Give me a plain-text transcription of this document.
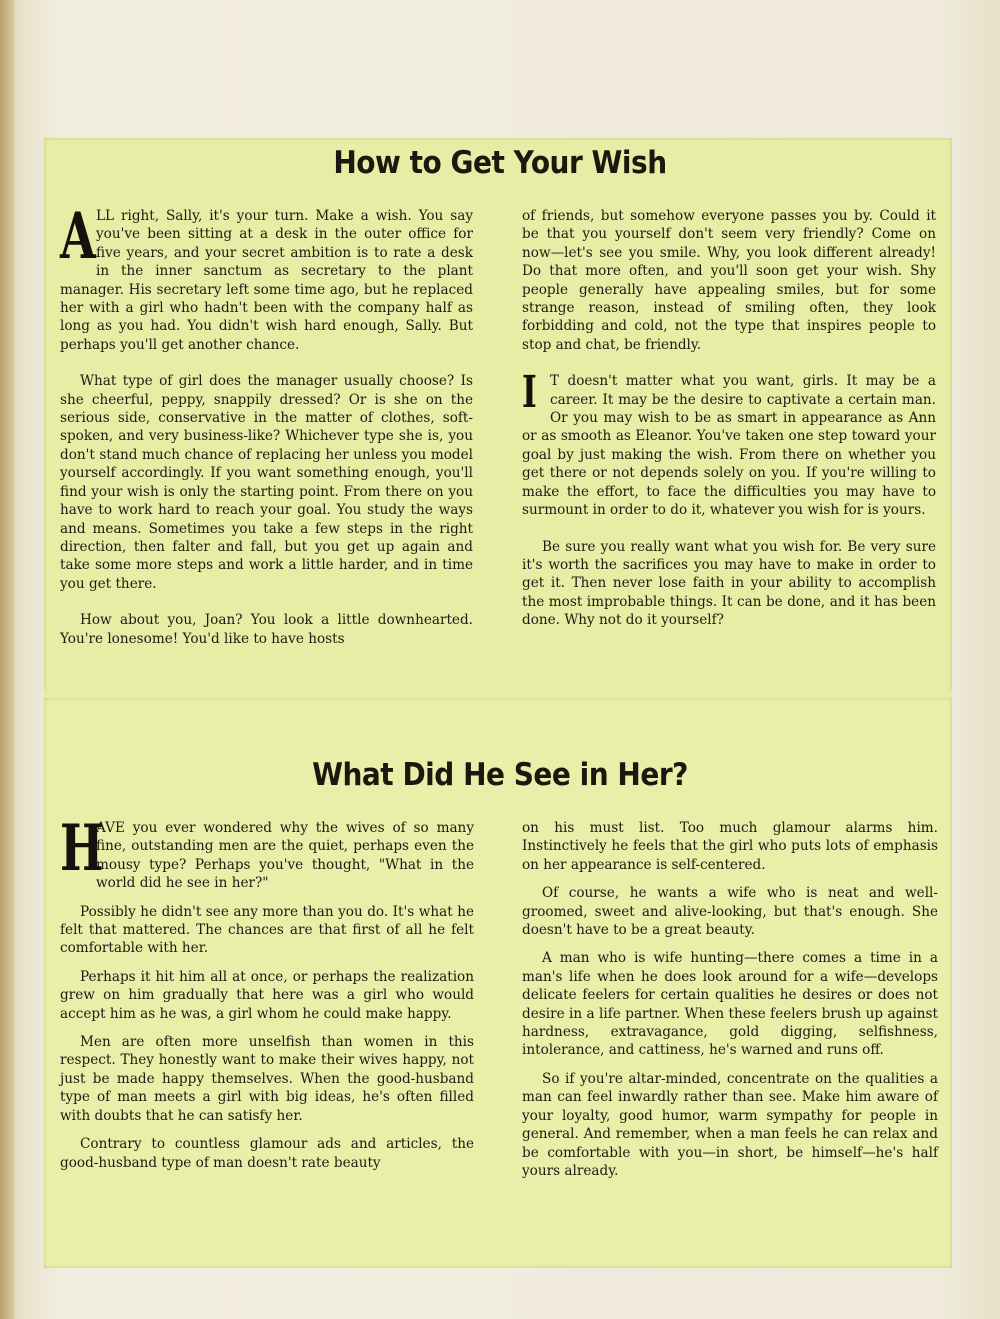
How to Get Your Wish

ALL right, Sally, it's your turn. Make a wish. You say you've been sitting at a desk in the outer office for five years, and your secret ambition is to rate a desk in the inner sanctum as secretary to the plant manager. His secretary left some time ago, but he replaced her with a girl who hadn't been with the company half as long as you had. You didn't wish hard enough, Sally. But perhaps you'll get another chance.

What type of girl does the manager usually choose? Is she cheerful, peppy, snappily dressed? Or is she on the serious side, conservative in the matter of clothes, soft-spoken, and very business-like? Whichever type she is, you don't stand much chance of replacing her unless you model yourself accordingly. If you want something enough, you'll find your wish is only the starting point. From there on you have to work hard to reach your goal. You study the ways and means. Sometimes you take a few steps in the right direction, then falter and fall, but you get up again and take some more steps and work a little harder, and in time you get there.

How about you, Joan? You look a little downhearted. You're lonesome! You'd like to have hosts

of friends, but somehow everyone passes you by. Could it be that you yourself don't seem very friendly? Come on now—let's see you smile. Why, you look different already! Do that more often, and you'll soon get your wish. Shy people generally have appealing smiles, but for some strange reason, instead of smiling often, they look forbidding and cold, not the type that inspires people to stop and chat, be friendly.

I T doesn't matter what you want, girls. It may be a career. It may be the desire to captivate a certain man. Or you may wish to be as smart in appearance as Ann or as smooth as Eleanor. You've taken one step toward your goal by just making the wish. From there on whether you get there or not depends solely on you. If you're willing to make the effort, to face the difficulties you may have to surmount in order to do it, whatever you wish for is yours.

Be sure you really want what you wish for. Be very sure it's worth the sacrifices you may have to make in order to get it. Then never lose faith in your ability to accomplish the most improbable things. It can be done, and it has been done. Why not do it yourself?

What Did He See in Her?

H
AVE you ever wondered why the wives of so many fine, outstanding men are the quiet, perhaps even the mousy type? Perhaps you've thought, "What in the world did he see in her?"

Possibly he didn't see any more than you do. It's what he felt that mattered. The chances are that first of all he felt comfortable with her.

Perhaps it hit him all at once, or perhaps the realization grew on him gradually that here was a girl who would accept him as he was, a girl whom he could make happy.

Men are often more unselfish than women in this respect. They honestly want to make their wives happy, not just be made happy themselves. When the good-husband type of man meets a girl with big ideas, he's often filled with doubts that he can satisfy her.

Contrary to countless glamour ads and articles, the good-husband type of man doesn't rate beauty

on his must list. Too much glamour alarms him. Instinctively he feels that the girl who puts lots of emphasis on her appearance is self-centered.

Of course, he wants a wife who is neat and well-groomed, sweet and alive-looking, but that's enough. She doesn't have to be a great beauty.

A man who is wife hunting—there comes a time in a man's life when he does look around for a wife—develops delicate feelers for certain qualities he desires or does not desire in a life partner. When these feelers brush up against hardness, extravagance, gold digging, selfishness, intolerance, and cattiness, he's warned and runs off.

So if you're altar-minded, concentrate on the qualities a man can feel inwardly rather than see. Make him aware of your loyalty, good humor, warm sympathy for people in general. And remember, when a man feels he can relax and be comfortable with you—in short, be himself—he's half yours already.
